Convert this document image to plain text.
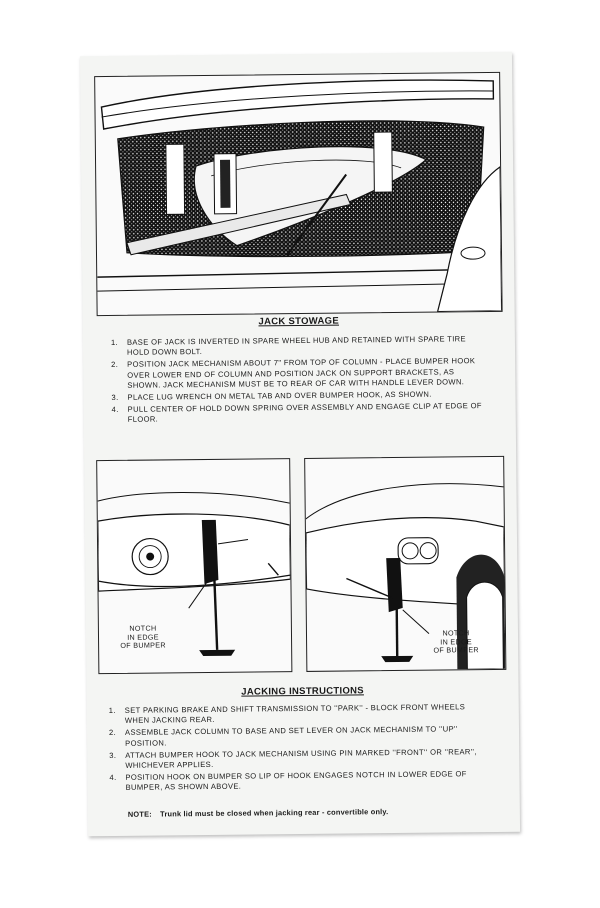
JACK STOWAGE
1. BASE OF JACK IS INVERTED IN SPARE WHEEL HUB AND RETAINED WITH SPARE TIRE HOLD DOWN BOLT.
2. POSITION JACK MECHANISM ABOUT 7" FROM TOP OF COLUMN - PLACE BUMPER HOOK OVER LOWER END OF COLUMN AND POSITION JACK ON SUPPORT BRACKETS, AS SHOWN. JACK MECHANISM MUST BE TO REAR OF CAR WITH HANDLE LEVER DOWN.
3. PLACE LUG WRENCH ON METAL TAB AND OVER BUMPER HOOK, AS SHOWN.
4. PULL CENTER OF HOLD DOWN SPRING OVER ASSEMBLY AND ENGAGE CLIP AT EDGE OF FLOOR.
NOTCH
IN EDGE
OF BUMPER
NOTCH
IN EDGE
OF BUMPER
JACKING INSTRUCTIONS
1. SET PARKING BRAKE AND SHIFT TRANSMISSION TO ''PARK'' - BLOCK FRONT WHEELS WHEN JACKING REAR.
2. ASSEMBLE JACK COLUMN TO BASE AND SET LEVER ON JACK MECHANISM TO ''UP'' POSITION.
3. ATTACH BUMPER HOOK TO JACK MECHANISM USING PIN MARKED ''FRONT'' OR ''REAR'', WHICHEVER APPLIES.
4. POSITION HOOK ON BUMPER SO LIP OF HOOK ENGAGES NOTCH IN LOWER EDGE OF BUMPER, AS SHOWN ABOVE.
NOTE: Trunk lid must be closed when jacking rear - convertible only.
